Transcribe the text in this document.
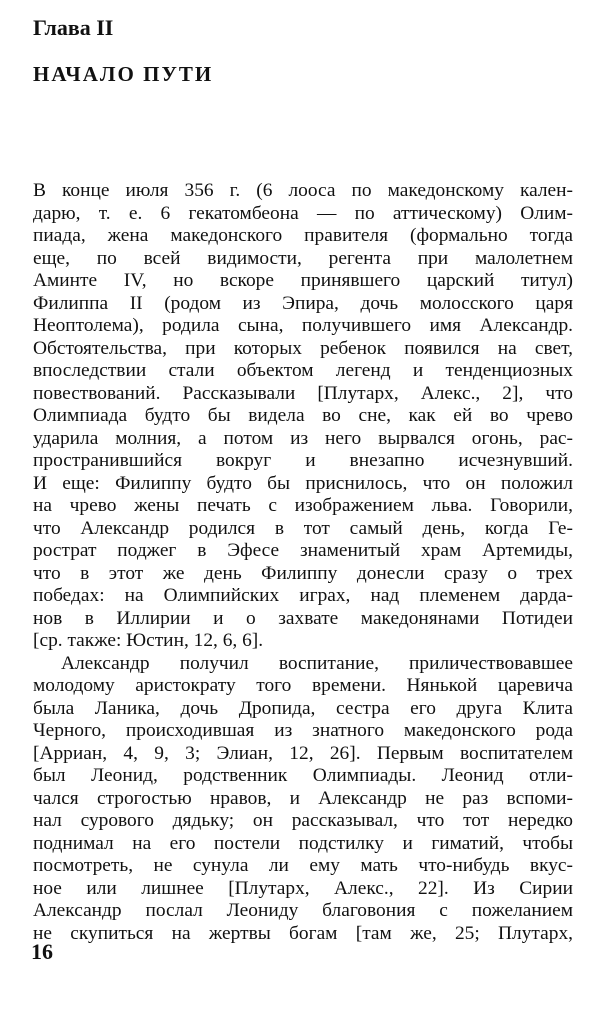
Глава II
НАЧАЛО ПУТИ

В конце июля 356 г. (6 лооса по македонскому кален-
дарю, т. е. 6 гекатомбеона — по аттическому) Олим-
пиада, жена македонского правителя (формально тогда
еще, по всей видимости, регента при малолетнем
Аминте IV, но вскоре принявшего царский титул)
Филиппа II (родом из Эпира, дочь молосского царя
Неоптолема), родила сына, получившего имя Александр.
Обстоятельства, при которых ребенок появился на свет,
впоследствии стали объектом легенд и тенденциозных
повествований. Рассказывали [Плутарх, Алекс., 2], что
Олимпиада будто бы видела во сне, как ей во чрево
ударила молния, а потом из него вырвался огонь, рас-
пространившийся вокруг и внезапно исчезнувший.
И еще: Филиппу будто бы приснилось, что он положил
на чрево жены печать с изображением льва. Говорили,
что Александр родился в тот самый день, когда Ге-
рострат поджег в Эфесе знаменитый храм Артемиды,
что в этот же день Филиппу донесли сразу о трех
победах: на Олимпийских играх, над племенем дарда-
нов в Иллирии и о захвате македонянами Потидеи
[ср. также: Юстин, 12, 6, 6].

Александр получил воспитание, приличествовавшее
молодому аристократу того времени. Нянькой царевича
была Ланика, дочь Дропида, сестра его друга Клита
Черного, происходившая из знатного македонского рода
[Арриан, 4, 9, 3; Элиан, 12, 26]. Первым воспитателем
был Леонид, родственник Олимпиады. Леонид отли-
чался строгостью нравов, и Александр не раз вспоми-
нал сурового дядьку; он рассказывал, что тот нередко
поднимал на его постели подстилку и гиматий, чтобы
посмотреть, не сунула ли ему мать что-нибудь вкус-
ное или лишнее [Плутарх, Алекс., 22]. Из Сирии
Александр послал Леониду благовония с пожеланием
не скупиться на жертвы богам [там же, 25; Плутарх,

16
